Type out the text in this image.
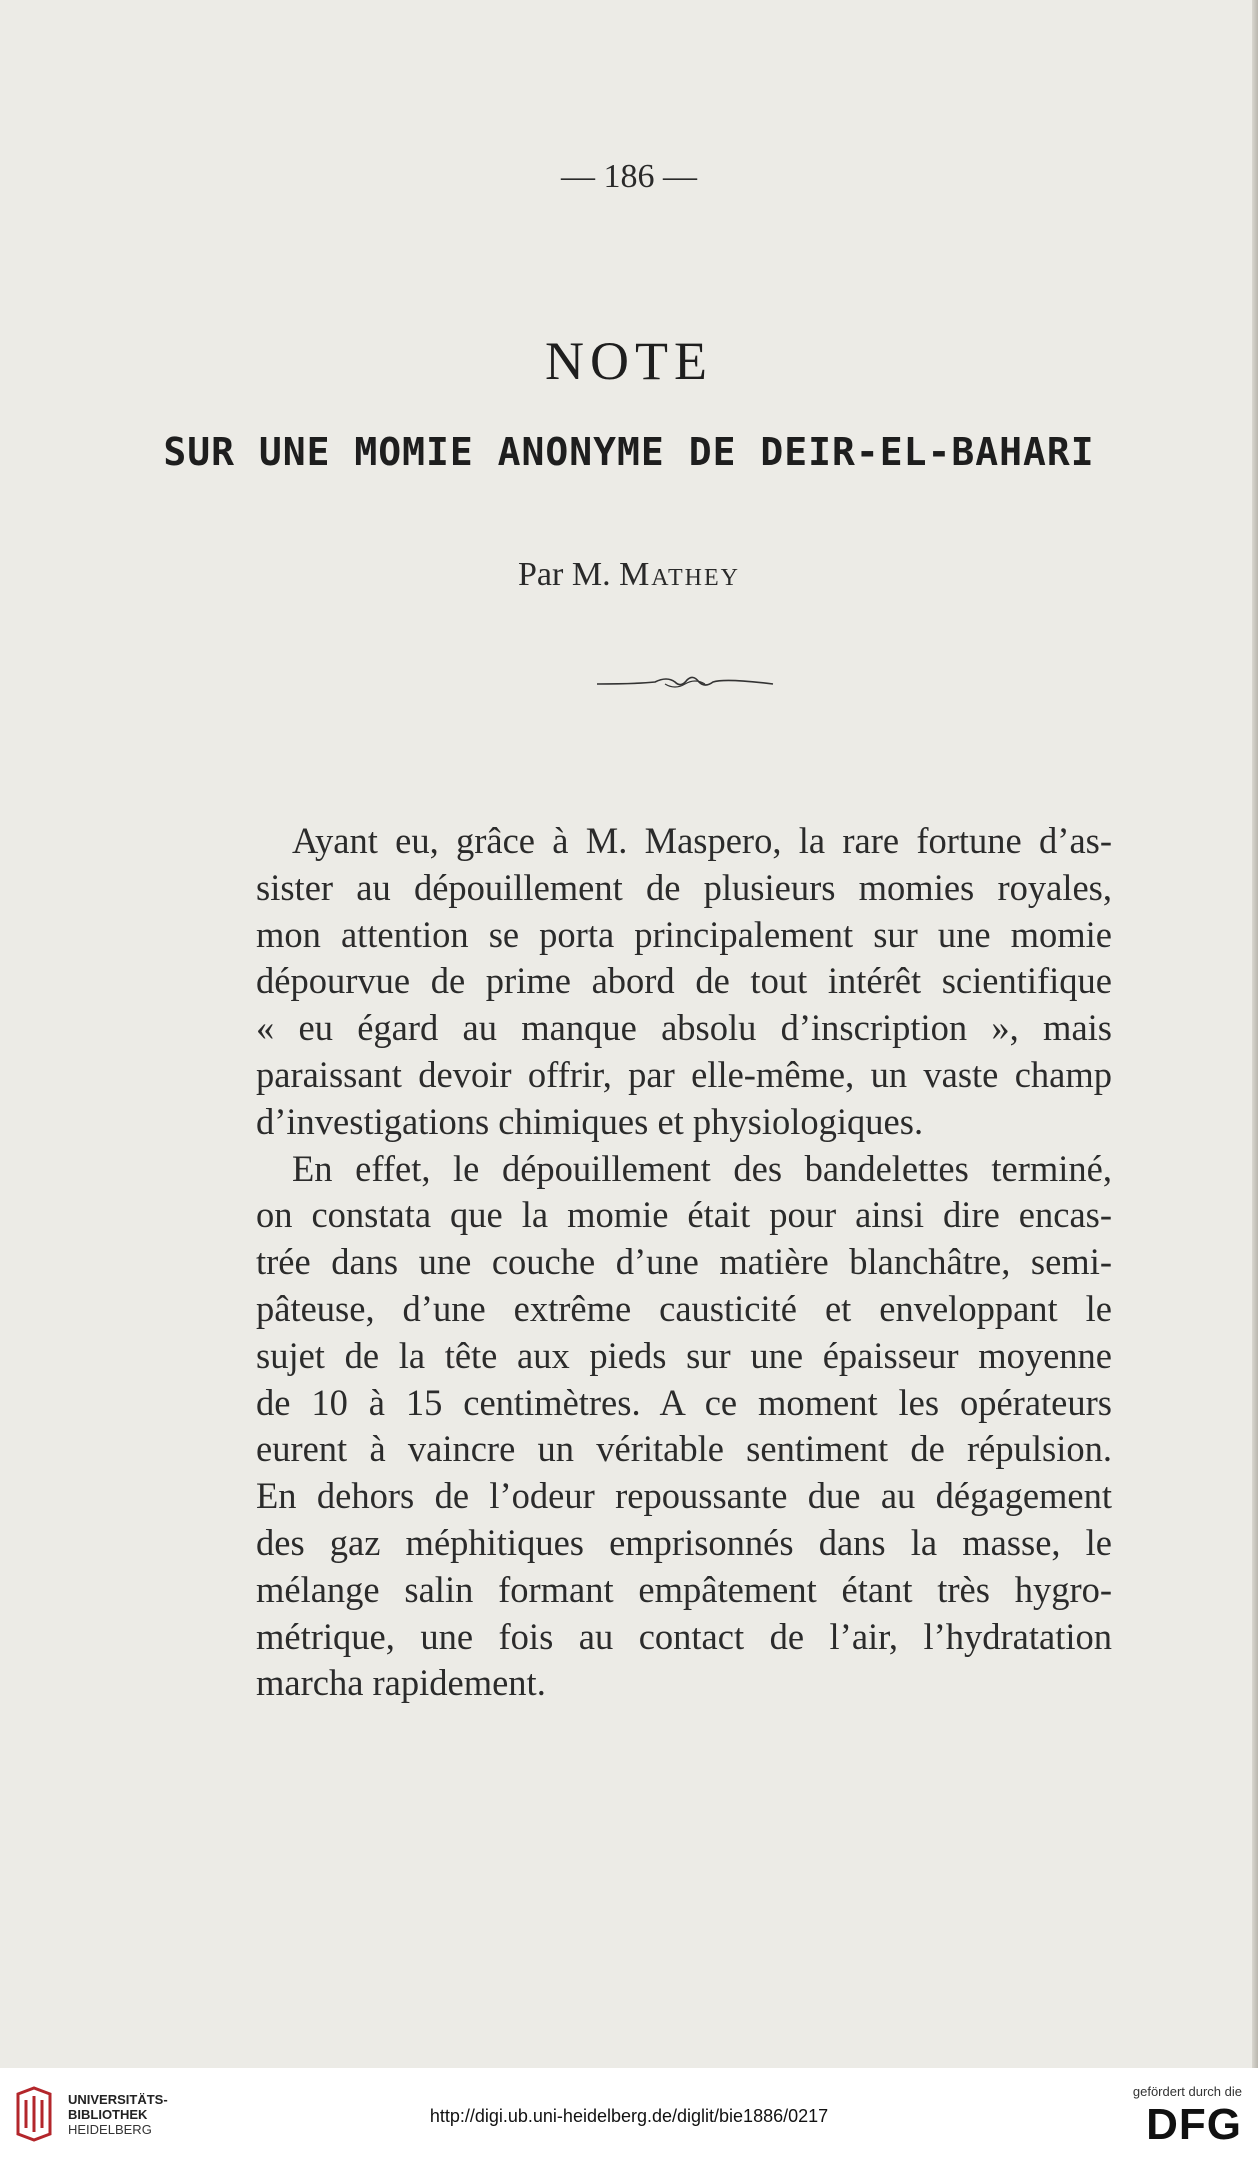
— 186 —
NOTE
SUR UNE MOMIE ANONYME DE DEIR-EL-BAHARI
Par M. Mathey
Ayant eu, grâce à M. Maspero, la rare fortune d’as-
sister au dépouillement de plusieurs momies royales,
mon attention se porta principalement sur une momie
dépourvue de prime abord de tout intérêt scientifique
« eu égard au manque absolu d’inscription », mais
paraissant devoir offrir, par elle-même, un vaste champ
d’investigations chimiques et physiologiques.
En effet, le dépouillement des bandelettes terminé,
on constata que la momie était pour ainsi dire encas-
trée dans une couche d’une matière blanchâtre, semi-
pâteuse, d’une extrême causticité et enveloppant le
sujet de la tête aux pieds sur une épaisseur moyenne
de 10 à 15 centimètres. A ce moment les opérateurs
eurent à vaincre un véritable sentiment de répulsion.
En dehors de l’odeur repoussante due au dégagement
des gaz méphitiques emprisonnés dans la masse, le
mélange salin formant empâtement étant très hygro-
métrique, une fois au contact de l’air, l’hydratation
marcha rapidement.
UNIVERSITÄTS-
BIBLIOTHEK
HEIDELBERG
http://digi.ub.uni-heidelberg.de/diglit/bie1886/0217
gefördert durch die
DFG
